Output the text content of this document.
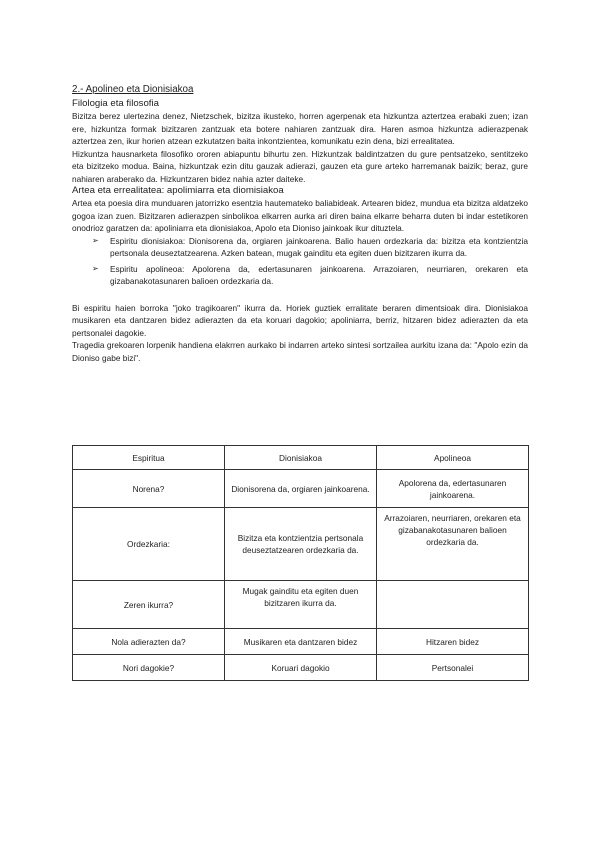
2.- Apolineo eta Dionisiakoa
Filologia eta filosofia

Bizitza berez ulertezina denez, Nietzschek, bizitza ikusteko, horren agerpenak eta hizkuntza aztertzea erabaki zuen; izan ere, hizkuntza formak bizitzaren zantzuak eta botere nahiaren zantzuak dira. Haren asmoa hizkuntza adierazpenak aztertzea zen, ikur horien atzean ezkutatzen baita inkontzientea, komunikatu ezin dena, bizi errealitatea.

Hizkuntza hausnarketa filosofiko ororen abiapuntu bihurtu zen. Hizkuntzak baldintzatzen du gure pentsatzeko, sentitzeko eta bizitzeko modua. Baina, hizkuntzak ezin ditu gauzak adierazi, gauzen eta gure arteko harremanak baizik; beraz, gure nahiaren araberako da. Hizkuntzaren bidez nahia azter daiteke.

Artea eta errealitatea: apolimiarra eta diomisiakoa

Artea eta poesia dira munduaren jatorrizko esentzia hautemateko baliabideak. Artearen bidez, mundua eta bizitza aldatzeko gogoa izan zuen. Bizitzaren adierazpen sinbolikoa elkarren aurka ari diren baina elkarre beharra duten bi indar estetikoren onodrioz garatzen da: apoliniarra eta dionisiakoa, Apolo eta Dioniso jainkoak ikur dituztela.

➢ Espiritu dionisiakoa: Dionisorena da, orgiaren jainkoarena. Balio hauen ordezkaria da: bizitza eta kontzientzia pertsonala deuseztatzearena. Azken batean, mugak gainditu eta egiten duen bizitzaren ikurra da.
➢ Espiritu apolineoa: Apolorena da, edertasunaren jainkoarena. Arrazoiaren, neurriaren, orekaren eta gizabanakotasunaren balioen ordezkaria da.

Bi espiritu haien borroka "joko tragikoaren" ikurra da. Horiek guztiek erralitate beraren dimentsioak dira. Dionisiakoa musikaren eta dantzaren bidez adierazten da eta koruari dagokio; apoliniarra, berriz, hitzaren bidez adierazten da eta pertsonalei dagokie.

Tragedia grekoaren lorpenik handiena elakrren aurkako bi indarren arteko sintesi sortzailea aurkitu izana da: "Apolo ezin da Dioniso gabe bizi".

Espiritua	Dionisiakoa	Apolineoa
Norena?	Dionisorena da, orgiaren jainkoarena.	Apolorena da, edertasunaren jainkoarena.
Ordezkaria:	Bizitza eta kontzientzia pertsonala deuseztatzearen ordezkaria da.	Arrazoiaren, neurriaren, orekaren eta gizabanakotasunaren balioen ordezkaria da.
Zeren ikurra?	Mugak gainditu eta egiten duen bizitzaren ikurra da.	
Nola adierazten da?	Musikaren eta dantzaren bidez	Hitzaren bidez
Nori dagokie?	Koruari dagokio	Pertsonalei
